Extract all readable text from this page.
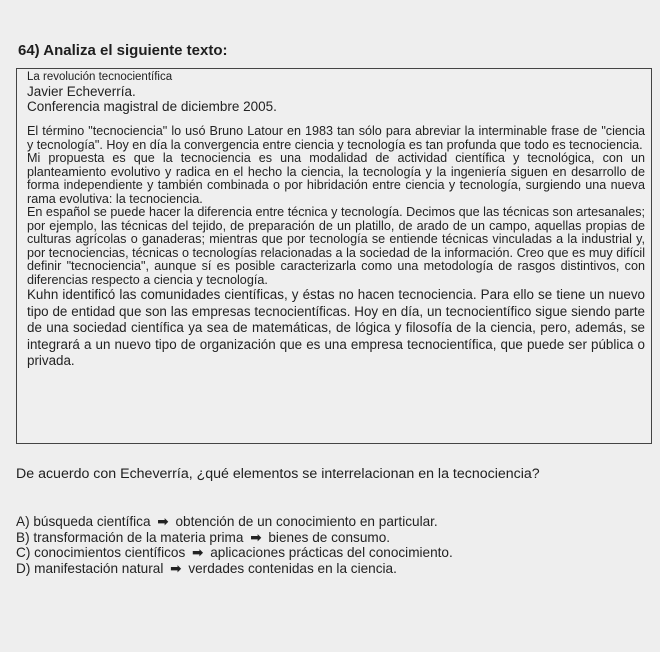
64) Analiza el siguiente texto:
La revolución tecnocientífica
Javier Echeverría.
Conferencia magistral de diciembre 2005.

El término "tecnociencia" lo usó Bruno Latour en 1983 tan sólo para abreviar la interminable frase de "ciencia y tecnología". Hoy en día la convergencia entre ciencia y tecnología es tan profunda que todo es tecnociencia.

Mi propuesta es que la tecnociencia es una modalidad de actividad científica y tecnológica, con un planteamiento evolutivo y radica en el hecho la ciencia, la tecnología y la ingeniería siguen en desarrollo de forma independiente y también combinada o por hibridación entre ciencia y tecnología, surgiendo una nueva rama evolutiva: la tecnociencia.

En español se puede hacer la diferencia entre técnica y tecnología. Decimos que las técnicas son artesanales; por ejemplo, las técnicas del tejido, de preparación de un platillo, de arado de un campo, aquellas propias de culturas agrícolas o ganaderas; mientras que por tecnología se entiende técnicas vinculadas a la industrial y, por tecnociencias, técnicas o tecnologías relacionadas a la sociedad de la información. Creo que es muy difícil definir "tecnociencia", aunque sí es posible caracterizarla como una metodología de rasgos distintivos, con diferencias respecto a ciencia y tecnología.

Kuhn identificó las comunidades científicas, y éstas no hacen tecnociencia. Para ello se tiene un nuevo tipo de entidad que son las empresas tecnocientíficas. Hoy en día, un tecnocientífico sigue siendo parte de una sociedad científica ya sea de matemáticas, de lógica y filosofía de la ciencia, pero, además, se integrará a un nuevo tipo de organización que es una empresa tecnocientífica, que puede ser pública o privada.

De acuerdo con Echeverría, ¿qué elementos se interrelacionan en la tecnociencia?
A) búsqueda científica ➡ obtención de un conocimiento en particular.
B) transformación de la materia prima ➡ bienes de consumo.
C) conocimientos científicos ➡ aplicaciones prácticas del conocimiento.
D) manifestación natural ➡ verdades contenidas en la ciencia.
